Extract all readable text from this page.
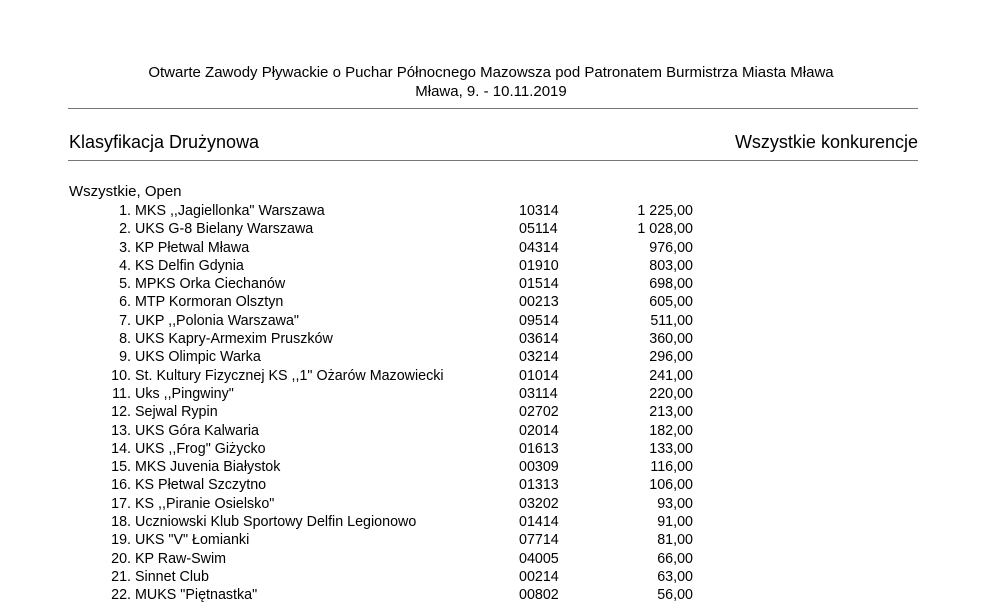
Otwarte Zawody Pływackie o Puchar Północnego Mazowsza pod Patronatem Burmistrza Miasta Mława
Mława, 9. - 10.11.2019
Klasyfikacja Drużynowa	Wszystkie konkurencje
Wszystkie, Open
1. MKS ,,Jagiellonka" Warszawa	10314	1 225,00
2. UKS G-8 Bielany Warszawa	05114	1 028,00
3. KP Płetwal Mława	04314	976,00
4. KS Delfin Gdynia	01910	803,00
5. MPKS Orka Ciechanów	01514	698,00
6. MTP Kormoran Olsztyn	00213	605,00
7. UKP ,,Polonia Warszawa"	09514	511,00
8. UKS Kapry-Armexim Pruszków	03614	360,00
9. UKS Olimpic Warka	03214	296,00
10. St. Kultury Fizycznej KS ,,1" Ożarów Mazowiecki	01014	241,00
11. Uks ,,Pingwiny"	03114	220,00
12. Sejwal Rypin	02702	213,00
13. UKS Góra Kalwaria	02014	182,00
14. UKS ,,Frog" Giżycko	01613	133,00
15. MKS Juvenia Białystok	00309	116,00
16. KS Płetwal Szczytno	01313	106,00
17. KS ,,Piranie Osielsko"	03202	93,00
18. Uczniowski Klub Sportowy Delfin Legionowo	01414	91,00
19. UKS "V" Łomianki	07714	81,00
20. KP Raw-Swim	04005	66,00
21. Sinnet Club	00214	63,00
22. MUKS "Piętnastka"	00802	56,00
